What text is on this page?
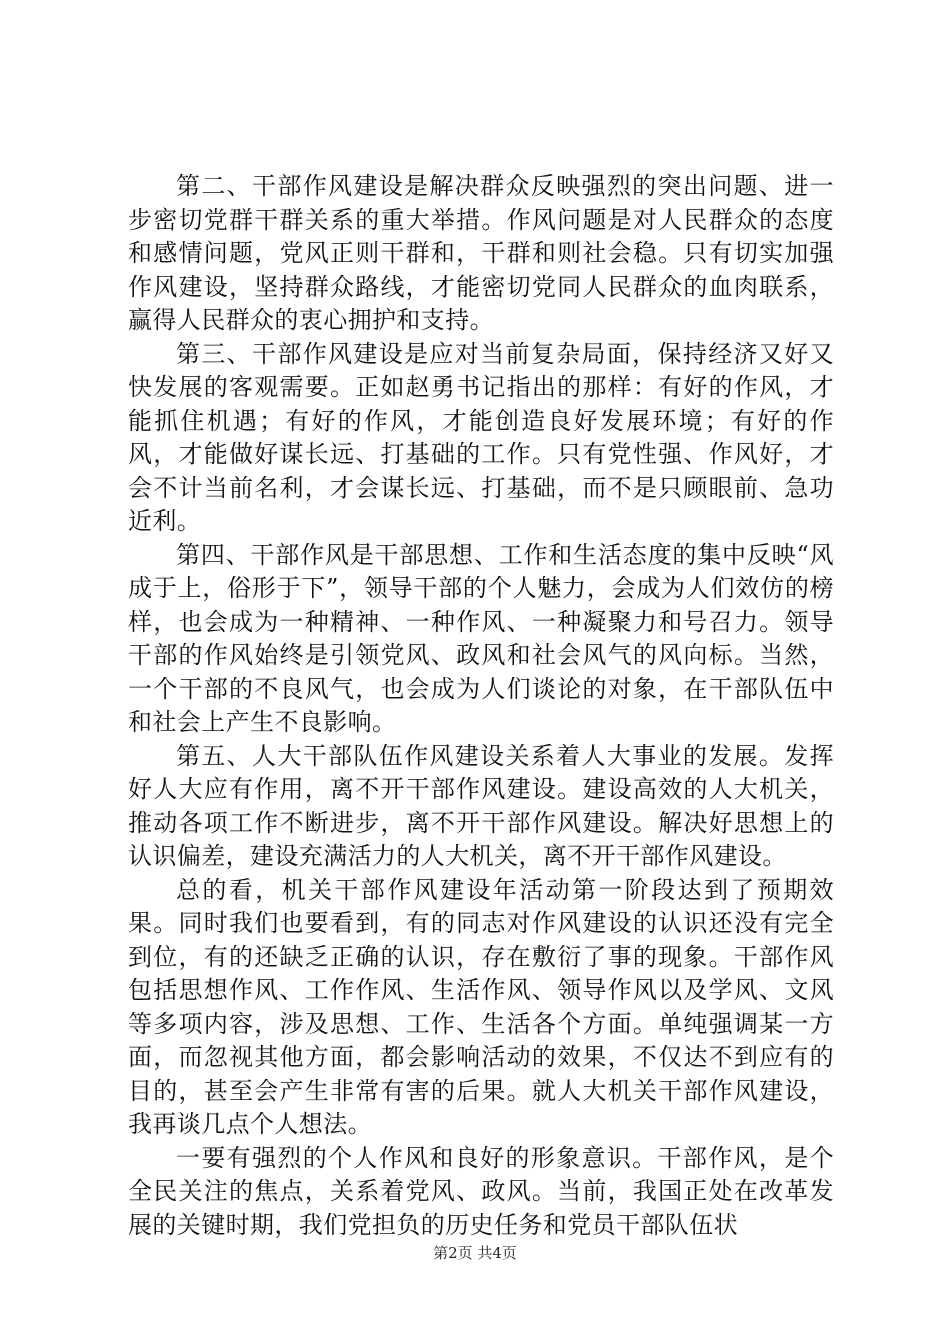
第二、干部作风建设是解决群众反映强烈的突出问题、进一步密切党群干群关系的重大举措。作风问题是对人民群众的态度和感情问题，党风正则干群和，干群和则社会稳。只有切实加强作风建设，坚持群众路线，才能密切党同人民群众的血肉联系，赢得人民群众的衷心拥护和支持。

第三、干部作风建设是应对当前复杂局面，保持经济又好又快发展的客观需要。正如赵勇书记指出的那样：有好的作风，才能抓住机遇；有好的作风，才能创造良好发展环境；有好的作风，才能做好谋长远、打基础的工作。只有党性强、作风好，才会不计当前名利，才会谋长远、打基础，而不是只顾眼前、急功近利。

第四、干部作风是干部思想、工作和生活态度的集中反映“风成于上，俗形于下”，领导干部的个人魅力，会成为人们效仿的榜样，也会成为一种精神、一种作风、一种凝聚力和号召力。领导干部的作风始终是引领党风、政风和社会风气的风向标。当然，一个干部的不良风气，也会成为人们谈论的对象，在干部队伍中和社会上产生不良影响。

第五、人大干部队伍作风建设关系着人大事业的发展。发挥好人大应有作用，离不开干部作风建设。建设高效的人大机关，推动各项工作不断进步，离不开干部作风建设。解决好思想上的认识偏差，建设充满活力的人大机关，离不开干部作风建设。

总的看，机关干部作风建设年活动第一阶段达到了预期效果。同时我们也要看到，有的同志对作风建设的认识还没有完全到位，有的还缺乏正确的认识，存在敷衍了事的现象。干部作风包括思想作风、工作作风、生活作风、领导作风以及学风、文风等多项内容，涉及思想、工作、生活各个方面。单纯强调某一方面，而忽视其他方面，都会影响活动的效果，不仅达不到应有的目的，甚至会产生非常有害的后果。就人大机关干部作风建设，我再谈几点个人想法。

一要有强烈的个人作风和良好的形象意识。干部作风，是个全民关注的焦点，关系着党风、政风。当前，我国正处在改革发展的关键时期，我们党担负的历史任务和党员干部队伍状

第2页 共4页
